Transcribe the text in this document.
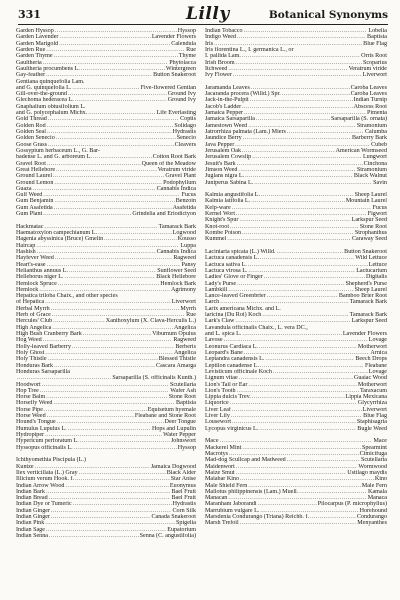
331	Lilly	Botanical Synonyms
Garden Hyssop .....	Hyssop
Garden Lavender .....	Lavender Flowers
Garden Marigold .....	Calendula
Garden Rue .....	Rue
Garden Thyme .....	Thyme
Gaultheria .....	Phytolacca
Gaultheria procumbens L. .....	Wintergreen
Gay-feather .....	Button Snakeroot
Gentiana quinquefolia Lam.
and G. quinquefolia L. .....	Five-flowered Gentian
Gill-over-the-ground .....	Ground Ivy
Glechoma hederacea L. .....	Ground Ivy
Gnaphalium obtusifolium L.
and G. polycephalum Michx. .....	Life Everlasting
Gold Thread .....	Coptis
Golden Rod .....	Solidago
Golden Seal .....	Hydrastis
Golden Senecio .....	Senecio
Goose Grass .....	Cleavers
Gossypium herbaceum L., G. Bar-
badense L. and G. arboreum L. .....	Cotton Root Bark
Gravel Root .....	Queen of the Meadow
Great Hellebore .....	Veratrum viride
Ground Laurel .....	Gravel Plant
Ground Lemon .....	Podophyllum
Guaza .....	Cannabis Indica
Gulf Weed .....	Fucus
Gum Benjamin .....	Benzoin
Gum Asafetida .....	Asafetida
Gum Plant .....	Grindelia and Eriodictyon
Hackmatac .....	Tamarack Bark
Haematoxylon campechianum L. .....	Logwood
Hagenia abyssinica (Bruce) Gmelin .....	Kousso
Haircap .....	Luppa
Hashish .....	Cannabis Indica
Hayfever Weed .....	Ragweed
Heart's-ease .....	Pansy
Helianthus annuus L. .....	Sunflower Seed
Helleborus niger L. .....	Black Hellebore
Hemlock Spruce .....	Hemlock Bark
Hemlock .....	Agrimony
Hepatica triloba Chaix., and other species
of Hepatica .....	Liverwort
Herbal Myrrh .....	Myrrh
Herb of Grace .....	Rue
Hercules' Club .....	Xanthoxylum (X. Clava-Herculis L.)
High Angelica .....	Angelica
High Bush Cranberry Bark .....	Viburnum Opulus
Hog Weed .....	Ragweed
Holly-leaved Barberry .....	Berberis
Holy Ghost .....	Angelica
Holy Thistle .....	Blessed Thistle
Honduras Bark .....	Cascara Amarga
Honduras Sarsaparilla
.....
Sarsaparilla (S. officinalis Kunth.)
Hoodwort .....	Scutellaria
Hop Tree .....	Wafer Ash
Horse Balm .....	Stone Root
Horsefly Weed .....	Baptisia
Horse Pipe .....	Equisetum hyemale
Horse Weed .....	Fleabane and Stone Root
Hound's Tongue .....	Deer Tongue
Humulus Lupulus L. .....	Hops and Lupulin
Hydropiper .....	Water Pepper
Hypericum perforatum L. .....	Johnswort
Hyssopus officinalis L. .....	Hyssop
Ichthyomethia Piscipula (L.)
Kuntze .....	Jamaica Dogwood
Ilex verticillata (L.) Gray .....	Black Alder
Illicium verum Hook. f. .....	Star Anise
Indian Arrow Wood .....	Euonymus
Indian Bark .....	Bael Fruit
Indian Bread .....	Bael Fruit
Indian Dye or Tumeric .....	Hydrastis
Indian Ginger .....	Corn Silk
Indian Ginger .....	Canada Snakeroot
Indian Pink .....	Spigelia
Indian Sage .....	Eupatorium
Indian Senna .....	Senna (C. angustifolia)
Indian Tobacco .....	Lobelia
Indigo Weed .....	Baptisia
Iris .....	Blue Flag
Iris florentina L., I. germanica L., or
I. pallida Lam. .....	Orris Root
Irish Broom .....	Scoparius
Itchweed .....	Veratrum viride
Ivy Flower .....	Liverwort
Jaramanda Leaves .....	Caroba Leaves
Jacaranda procera (Willd.) Spr. .....	Caroba Leaves
Jack-in-the-Pulpit .....	Indian Turnip
Jacob's Ladder .....	Abscess Root
Jamaica Pepper .....	Pimenta
Jamaica Sarsaparilla .....	Sarsaparilla (S. ornata)
Jamestown Weed .....	Stramonium
Jatrorrhiza palmata (Lam.) Miers .....	Calumba
Jaundice Berry .....	Barberry Bark
Java Pepper .....	Cubeb
Jerusalem Oak .....	American Wormseed
Jerusalem Cowslip .....	Lungwort
Jesuit's Bark .....	Cinchona
Jimson Weed .....	Stramonium
Juglans nigra L. .....	Black Walnut
Juniperus Sabina L. .....	Savin
Kalmia angustifolia L. .....	Sheep Laurel
Kalmia latifolia L. .....	Mountain Laurel
Kelp-ware .....	Fucus
Kernel Wort .....	Figwort
Knight's Spur .....	Larkspur Seed
Knot-root .....	Stone Root
Kombe Poison .....	Strophanthus
Kummel .....	Caraway Seed
Laciniaria spicata (L.) Willd. .....	Button Snakeroot
Lactuca canadensis L. .....	Wild Lettuce
Lactuca sativa L. .....	Lettuce
Lactuca virosa L. .....	Lactucarium
Ladies' Glove or Finger .....	Digitalis
Lady's Purse .....	Shepherd's Purse
Lambkill .....	Sheep Laurel
Lance-leaved Greenbrier .....	Bamboo Brier Root
Larch .....	Tamarack Bark
Larix americana Michx. and L.
laricina (Du Roi) Koch .....	Tamarack Bark
Lark's Claw .....	Larkspur Seed
Lavandula officinalis Chaix., L. vera DC.,
and L. spica L. .....	Lavender Flowers
Lavose .....	Lovage
Leonurus Cardiaca L. .....	Motherwort
Leopard's Bane .....	Arnica
Leptandra canadensis L. .....	Beech Drops
Leptilon canadense L. .....	Fleabane
Levisticum officinale Koch .....	Lovage
Lignum vitae .....	Guaiac Wood
Lion's Tail or Ear .....	Motherwort
Lion's Tooth .....	Taraxacum
Lippia dulcis Trev. .....	Lippia Mexicana
Liquorice .....	Glycyrrhiza
Liver Leaf .....	Liverwort
Liver Lily .....	Blue Flag
Lousewort .....	Staphisagria
Lycopus virginicus L. .....	Bugle Weed
Mace .....	Mace
Mackerel Mint .....	Spearmint
Macrotys .....	Cimicifuga
Mad-dog Scullcap and Madweed .....	Scutellaria
Maidenwort .....	Wormwood
Maize Smut .....	Ustilago maydis
Malabar Kino .....	Kino
Male Shield Fern .....	Male Fern
Mallotus philippinensis (Lam.) Muell. .....	Kamala
Manacan .....	Manaca
Maranham Jaborandi .....	Pilocarpus (P. microphyllus)
Marrubium vulgare L. .....	Horehound
Marsdenia Condurango (Triana) Reichb. f. .....	Condurango
Marsh Trefoil .....	Menyanthes
